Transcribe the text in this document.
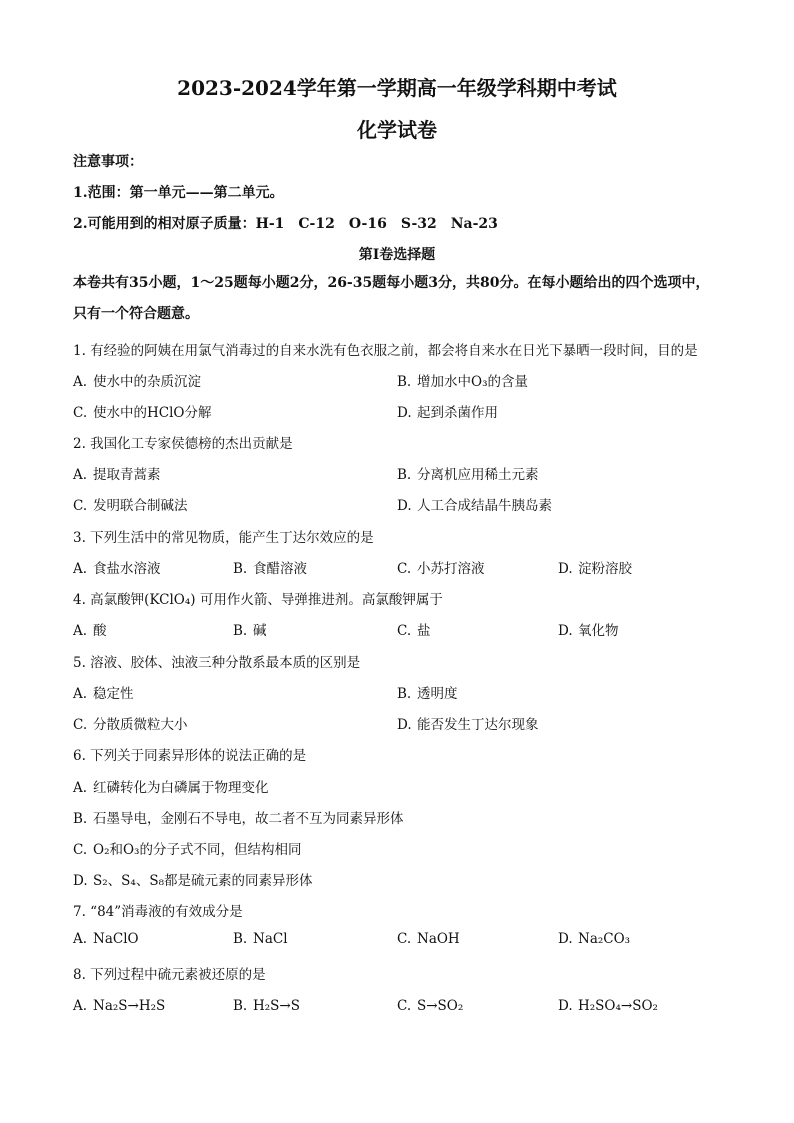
2023-2024学年第一学期高一年级学科期中考试
化学试卷
注意事项：
1.范围：第一单元——第二单元。
2.可能用到的相对原子质量：H-1　C-12　O-16　S-32　Na-23
第Ⅰ卷选择题
本卷共有35小题，1～25题每小题2分，26-35题每小题3分，共80分。在每小题给出的四个选项中，只有一个符合题意。
1. 有经验的阿姨在用氯气消毒过的自来水洗有色衣服之前，都会将自来水在日光下暴晒一段时间，目的是
A. 使水中的杂质沉淀	B. 增加水中O₃的含量
C. 使水中的HClO分解	D. 起到杀菌作用
2. 我国化工专家侯德榜的杰出贡献是
A. 提取青蒿素	B. 分离机应用稀土元素
C. 发明联合制碱法	D. 人工合成结晶牛胰岛素
3. 下列生活中的常见物质，能产生丁达尔效应的是
A. 食盐水溶液	B. 食醋溶液	C. 小苏打溶液	D. 淀粉溶胶
4. 高氯酸钾(KClO₄) 可用作火箭、导弹推进剂。高氯酸钾属于
A. 酸	B. 碱	C. 盐	D. 氧化物
5. 溶液、胶体、浊液三种分散系最本质的区别是
A. 稳定性	B. 透明度
C. 分散质微粒大小	D. 能否发生丁达尔现象
6. 下列关于同素异形体的说法正确的是
A. 红磷转化为白磷属于物理变化
B. 石墨导电，金刚石不导电，故二者不互为同素异形体
C. O₂和O₃的分子式不同，但结构相同
D. S₂、S₄、S₈都是硫元素的同素异形体
7. “84”消毒液的有效成分是
A. NaClO	B. NaCl	C. NaOH	D. Na₂CO₃
8. 下列过程中硫元素被还原的是
A. Na₂S→H₂S	B. H₂S→S	C. S→SO₂	D. H₂SO₄→SO₂
